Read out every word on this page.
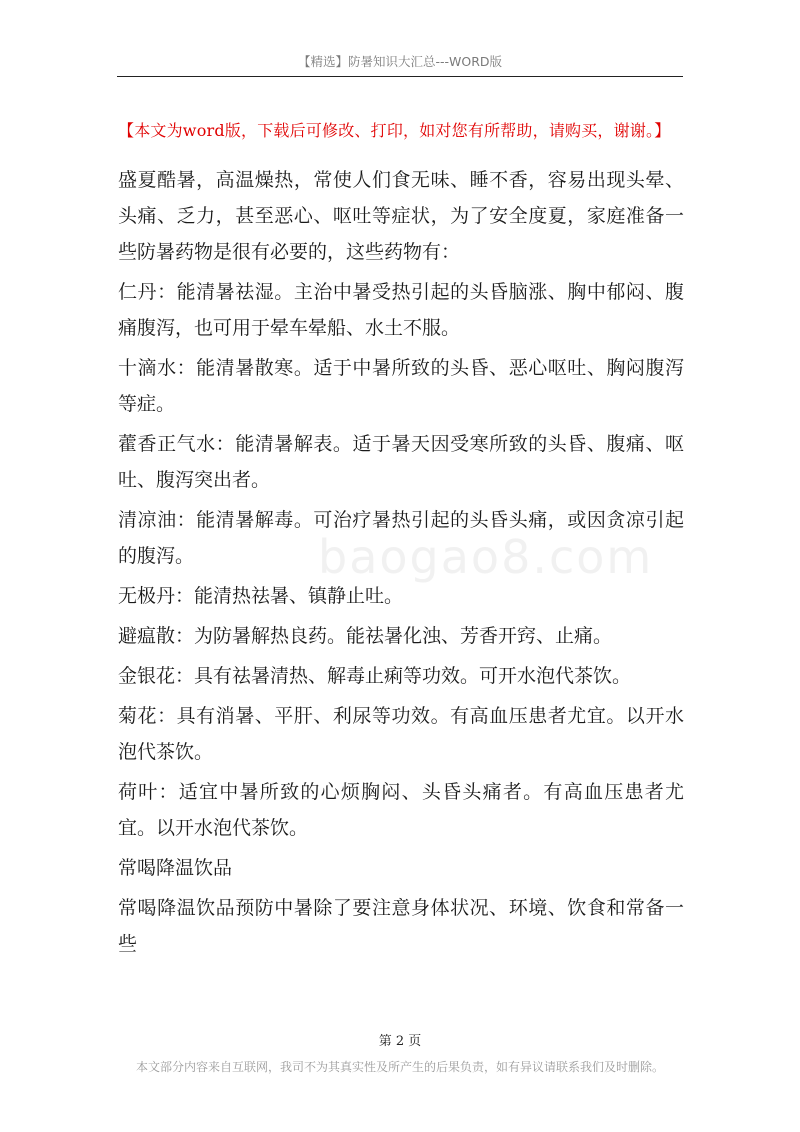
【精选】防暑知识大汇总---WORD版
【本文为word版，下载后可修改、打印，如对您有所帮助，请购买，谢谢。】
baogao8.com

盛夏酷暑，高温燥热，常使人们食无味、睡不香，容易出现头晕、头痛、乏力，甚至恶心、呕吐等症状，为了安全度夏，家庭准备一些防暑药物是很有必要的，这些药物有：

仁丹：能清暑祛湿。主治中暑受热引起的头昏脑涨、胸中郁闷、腹痛腹泻，也可用于晕车晕船、水土不服。

十滴水：能清暑散寒。适于中暑所致的头昏、恶心呕吐、胸闷腹泻等症。

藿香正气水：能清暑解表。适于暑天因受寒所致的头昏、腹痛、呕吐、腹泻突出者。

清凉油：能清暑解毒。可治疗暑热引起的头昏头痛，或因贪凉引起的腹泻。

无极丹：能清热祛暑、镇静止吐。

避瘟散：为防暑解热良药。能祛暑化浊、芳香开窍、止痛。

金银花：具有祛暑清热、解毒止痢等功效。可开水泡代茶饮。

菊花：具有消暑、平肝、利尿等功效。有高血压患者尤宜。以开水泡代茶饮。

荷叶：适宜中暑所致的心烦胸闷、头昏头痛者。有高血压患者尤宜。以开水泡代茶饮。

常喝降温饮品

常喝降温饮品预防中暑除了要注意身体状况、环境、饮食和常备一些

第 2 页
本文部分内容来自互联网，我司不为其真实性及所产生的后果负责，如有异议请联系我们及时删除。
